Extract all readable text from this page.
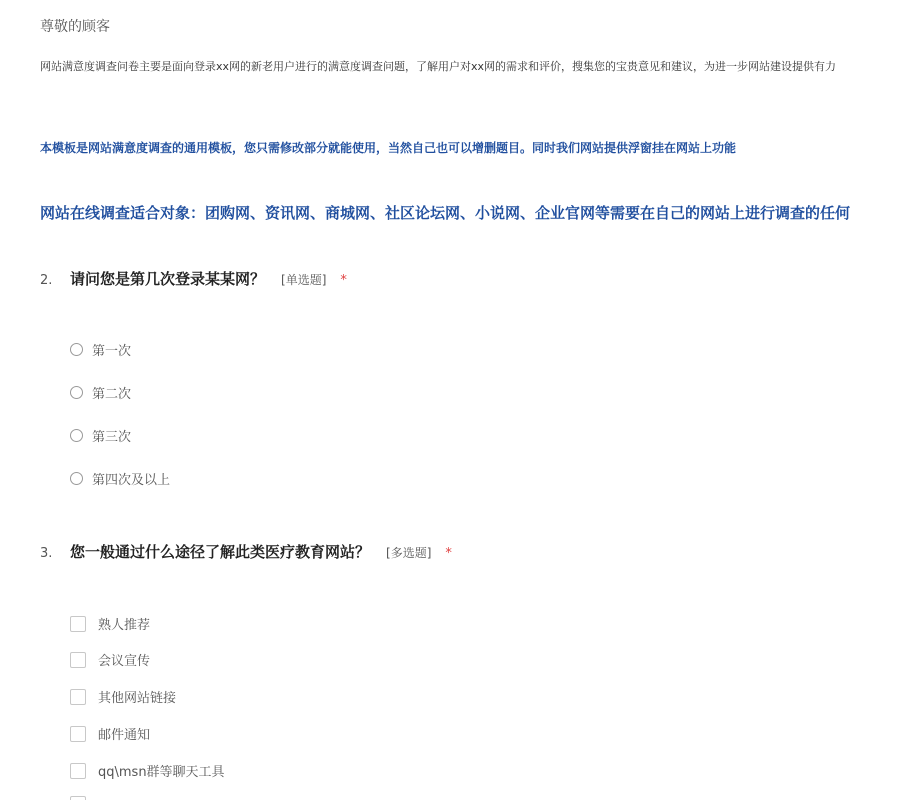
尊敬的顾客
网站满意度调查问卷主要是面向登录xx网的新老用户进行的满意度调查问题，了解用户对xx网的需求和评价，搜集您的宝贵意见和建议，为进一步网站建设提供有力
本模板是网站满意度调查的通用模板，您只需修改部分就能使用，当然自己也可以增删题目。同时我们网站提供浮窗挂在网站上功能
网站在线调查适合对象：团购网、资讯网、商城网、社区论坛网、小说网、企业官网等需要在自己的网站上进行调查的任何
2.	请问您是第几次登录某某网？ [单选题] *
第一次
第二次
第三次
第四次及以上
3.	您一般通过什么途径了解此类医疗教育网站？ [多选题] *
熟人推荐
会议宣传
其他网站链接
邮件通知
qq\msn群等聊天工具
